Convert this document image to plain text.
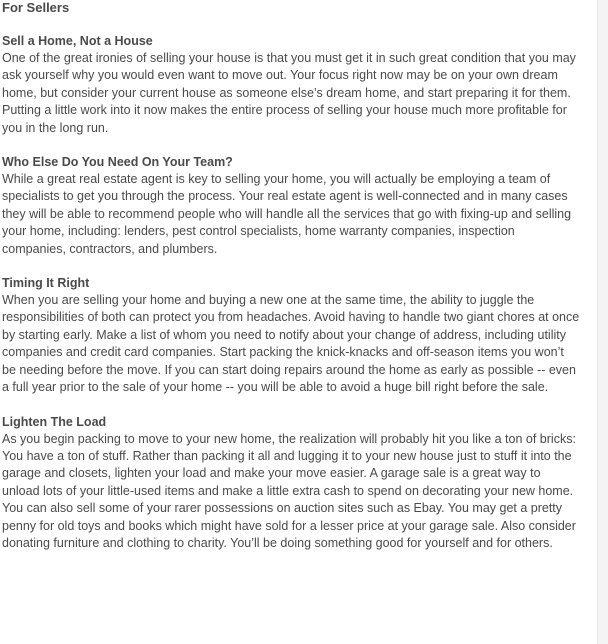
For Sellers
Sell a Home, Not a House
One of the great ironies of selling your house is that you must get it in such great condition that you may ask yourself why you would even want to move out. Your focus right now may be on your own dream home, but consider your current house as someone else’s dream home, and start preparing it for them. Putting a little work into it now makes the entire process of selling your house much more profitable for you in the long run.
Who Else Do You Need On Your Team?
While a great real estate agent is key to selling your home, you will actually be employing a team of specialists to get you through the process. Your real estate agent is well-connected and in many cases they will be able to recommend people who will handle all the services that go with fixing-up and selling your home, including: lenders, pest control specialists, home warranty companies, inspection companies, contractors, and plumbers.
Timing It Right
When you are selling your home and buying a new one at the same time, the ability to juggle the responsibilities of both can protect you from headaches. Avoid having to handle two giant chores at once by starting early. Make a list of whom you need to notify about your change of address, including utility companies and credit card companies. Start packing the knick-knacks and off-season items you won’t be needing before the move. If you can start doing repairs around the home as early as possible -- even a full year prior to the sale of your home -- you will be able to avoid a huge bill right before the sale.
Lighten The Load
As you begin packing to move to your new home, the realization will probably hit you like a ton of bricks: You have a ton of stuff. Rather than packing it all and lugging it to your new house just to stuff it into the garage and closets, lighten your load and make your move easier. A garage sale is a great way to unload lots of your little-used items and make a little extra cash to spend on decorating your new home. You can also sell some of your rarer possessions on auction sites such as Ebay. You may get a pretty penny for old toys and books which might have sold for a lesser price at your garage sale. Also consider donating furniture and clothing to charity. You’ll be doing something good for yourself and for others.
